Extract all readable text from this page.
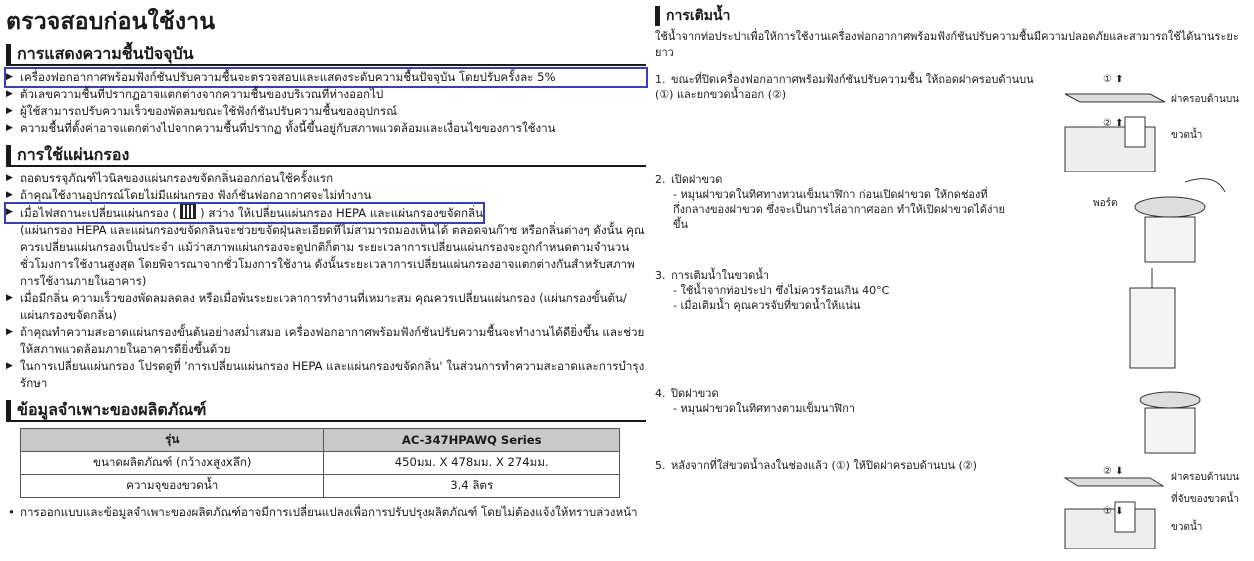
ตรวจสอบก่อนใช้งาน
การแสดงความชื้นปัจจุบัน
▶ เครื่องฟอกอากาศพร้อมฟังก์ชันปรับความชื้นจะตรวจสอบและแสดงระดับความชื้นปัจจุบัน โดยปรับครั้งละ 5%
▶ ตัวเลขความชื้นที่ปรากฏอาจแตกต่างจากความชื้นของบริเวณที่ห่างออกไป
▶ ผู้ใช้สามารถปรับความเร็วของพัดลมขณะใช้ฟังก์ชันปรับความชื้นของอุปกรณ์
▶ ความชื้นที่ตั้งค่าอาจแตกต่างไปจากความชื้นที่ปรากฏ ทั้งนี้ขึ้นอยู่กับสภาพแวดล้อมและเงื่อนไขของการใช้งาน
การใช้แผ่นกรอง
▶ ถอดบรรจุภัณฑ์ไวนิลของแผ่นกรองขจัดกลิ่นออกก่อนใช้ครั้งแรก
▶ ถ้าคุณใช้งานอุปกรณ์โดยไม่มีแผ่นกรอง ฟังก์ชันฟอกอากาศจะไม่ทำงาน
▶ เมื่อไฟสถานะเปลี่ยนแผ่นกรอง ( ) สว่าง ให้เปลี่ยนแผ่นกรอง HEPA และแผ่นกรองขจัดกลิ่น
(แผ่นกรอง HEPA และแผ่นกรองขจัดกลิ่นจะช่วยขจัดฝุ่นละเอียดที่ไม่สามารถมองเห็นได้ ตลอดจนก๊าซ หรือกลิ่นต่างๆ ดังนั้น คุณควรเปลี่ยนแผ่นกรองเป็นประจำ แม้ว่าสภาพแผ่นกรองจะดูปกติก็ตาม ระยะเวลาการเปลี่ยนแผ่นกรองจะถูกกำหนดตามจำนวนชั่วโมงการใช้งานสูงสุด โดยพิจารณาจากชั่วโมงการใช้งาน ดังนั้นระยะเวลาการเปลี่ยนแผ่นกรองอาจแตกต่างกันสำหรับสภาพการใช้งานภายในอาคาร)
▶ เมื่อมีกลิ่น ความเร็วของพัดลมลดลง หรือเมื่อพ้นระยะเวลาการทำงานที่เหมาะสม คุณควรเปลี่ยนแผ่นกรอง (แผ่นกรองขั้นต้น/แผ่นกรองขจัดกลิ่น)
▶ ถ้าคุณทำความสะอาดแผ่นกรองขั้นต้นอย่างสม่ำเสมอ เครื่องฟอกอากาศพร้อมฟังก์ชันปรับความชื้นจะทำงานได้ดียิ่งขึ้น และช่วยให้สภาพแวดล้อมภายในอาคารดียิ่งขึ้นด้วย
▶ ในการเปลี่ยนแผ่นกรอง โปรดดูที่ 'การเปลี่ยนแผ่นกรอง HEPA และแผ่นกรองขจัดกลิ่น' ในส่วนการทำความสะอาดและการบำรุงรักษา
ข้อมูลจำเพาะของผลิตภัณฑ์
รุ่น	AC-347HPAWQ Series
ขนาดผลิตภัณฑ์ (กว้างxสูงxลึก)	450มม. X 478มม. X 274มม.
ความจุของขวดน้ำ	3.4 ลิตร
• การออกแบบและข้อมูลจำเพาะของผลิตภัณฑ์อาจมีการเปลี่ยนแปลงเพื่อการปรับปรุงผลิตภัณฑ์ โดยไม่ต้องแจ้งให้ทราบล่วงหน้า
การเติมน้ำ
ใช้น้ำจากท่อประปาเพื่อให้การใช้งานเครื่องฟอกอากาศพร้อมฟังก์ชันปรับความชื้นมีความปลอดภัยและสามารถใช้ได้นานระยะยาว
1. ขณะที่ปิดเครื่องฟอกอากาศพร้อมฟังก์ชันปรับความชื้น ให้ถอดฝาครอบด้านบน (①) และยกขวดน้ำออก (②)
2. เปิดฝาขวด
- หมุนฝาขวดในทิศทางทวนเข็มนาฬิกา ก่อนเปิดฝาขวด ให้กดช่องที่กึ่งกลางของฝาขวด ซึ่งจะเป็นการไล่อากาศออก ทำให้เปิดฝาขวดได้ง่ายขึ้น
3. การเติมน้ำในขวดน้ำ
- ใช้น้ำจากท่อประปา ซึ่งไม่ควรร้อนเกิน 40°C
- เมื่อเติมน้ำ คุณควรจับที่ขวดน้ำให้แน่น
4. ปิดฝาขวด
- หมุนฝาขวดในทิศทางตามเข็มนาฬิกา
5. หลังจากที่ใส่ขวดน้ำลงในช่องแล้ว (①) ให้ปิดฝาครอบด้านบน (②)
① ⬆
② ⬆
ฝาครอบด้านบน
ขวดน้ำ
พอร์ต
② ⬇
① ⬇
ฝาครอบด้านบน
ที่จับของขวดน้ำ
ขวดน้ำ
